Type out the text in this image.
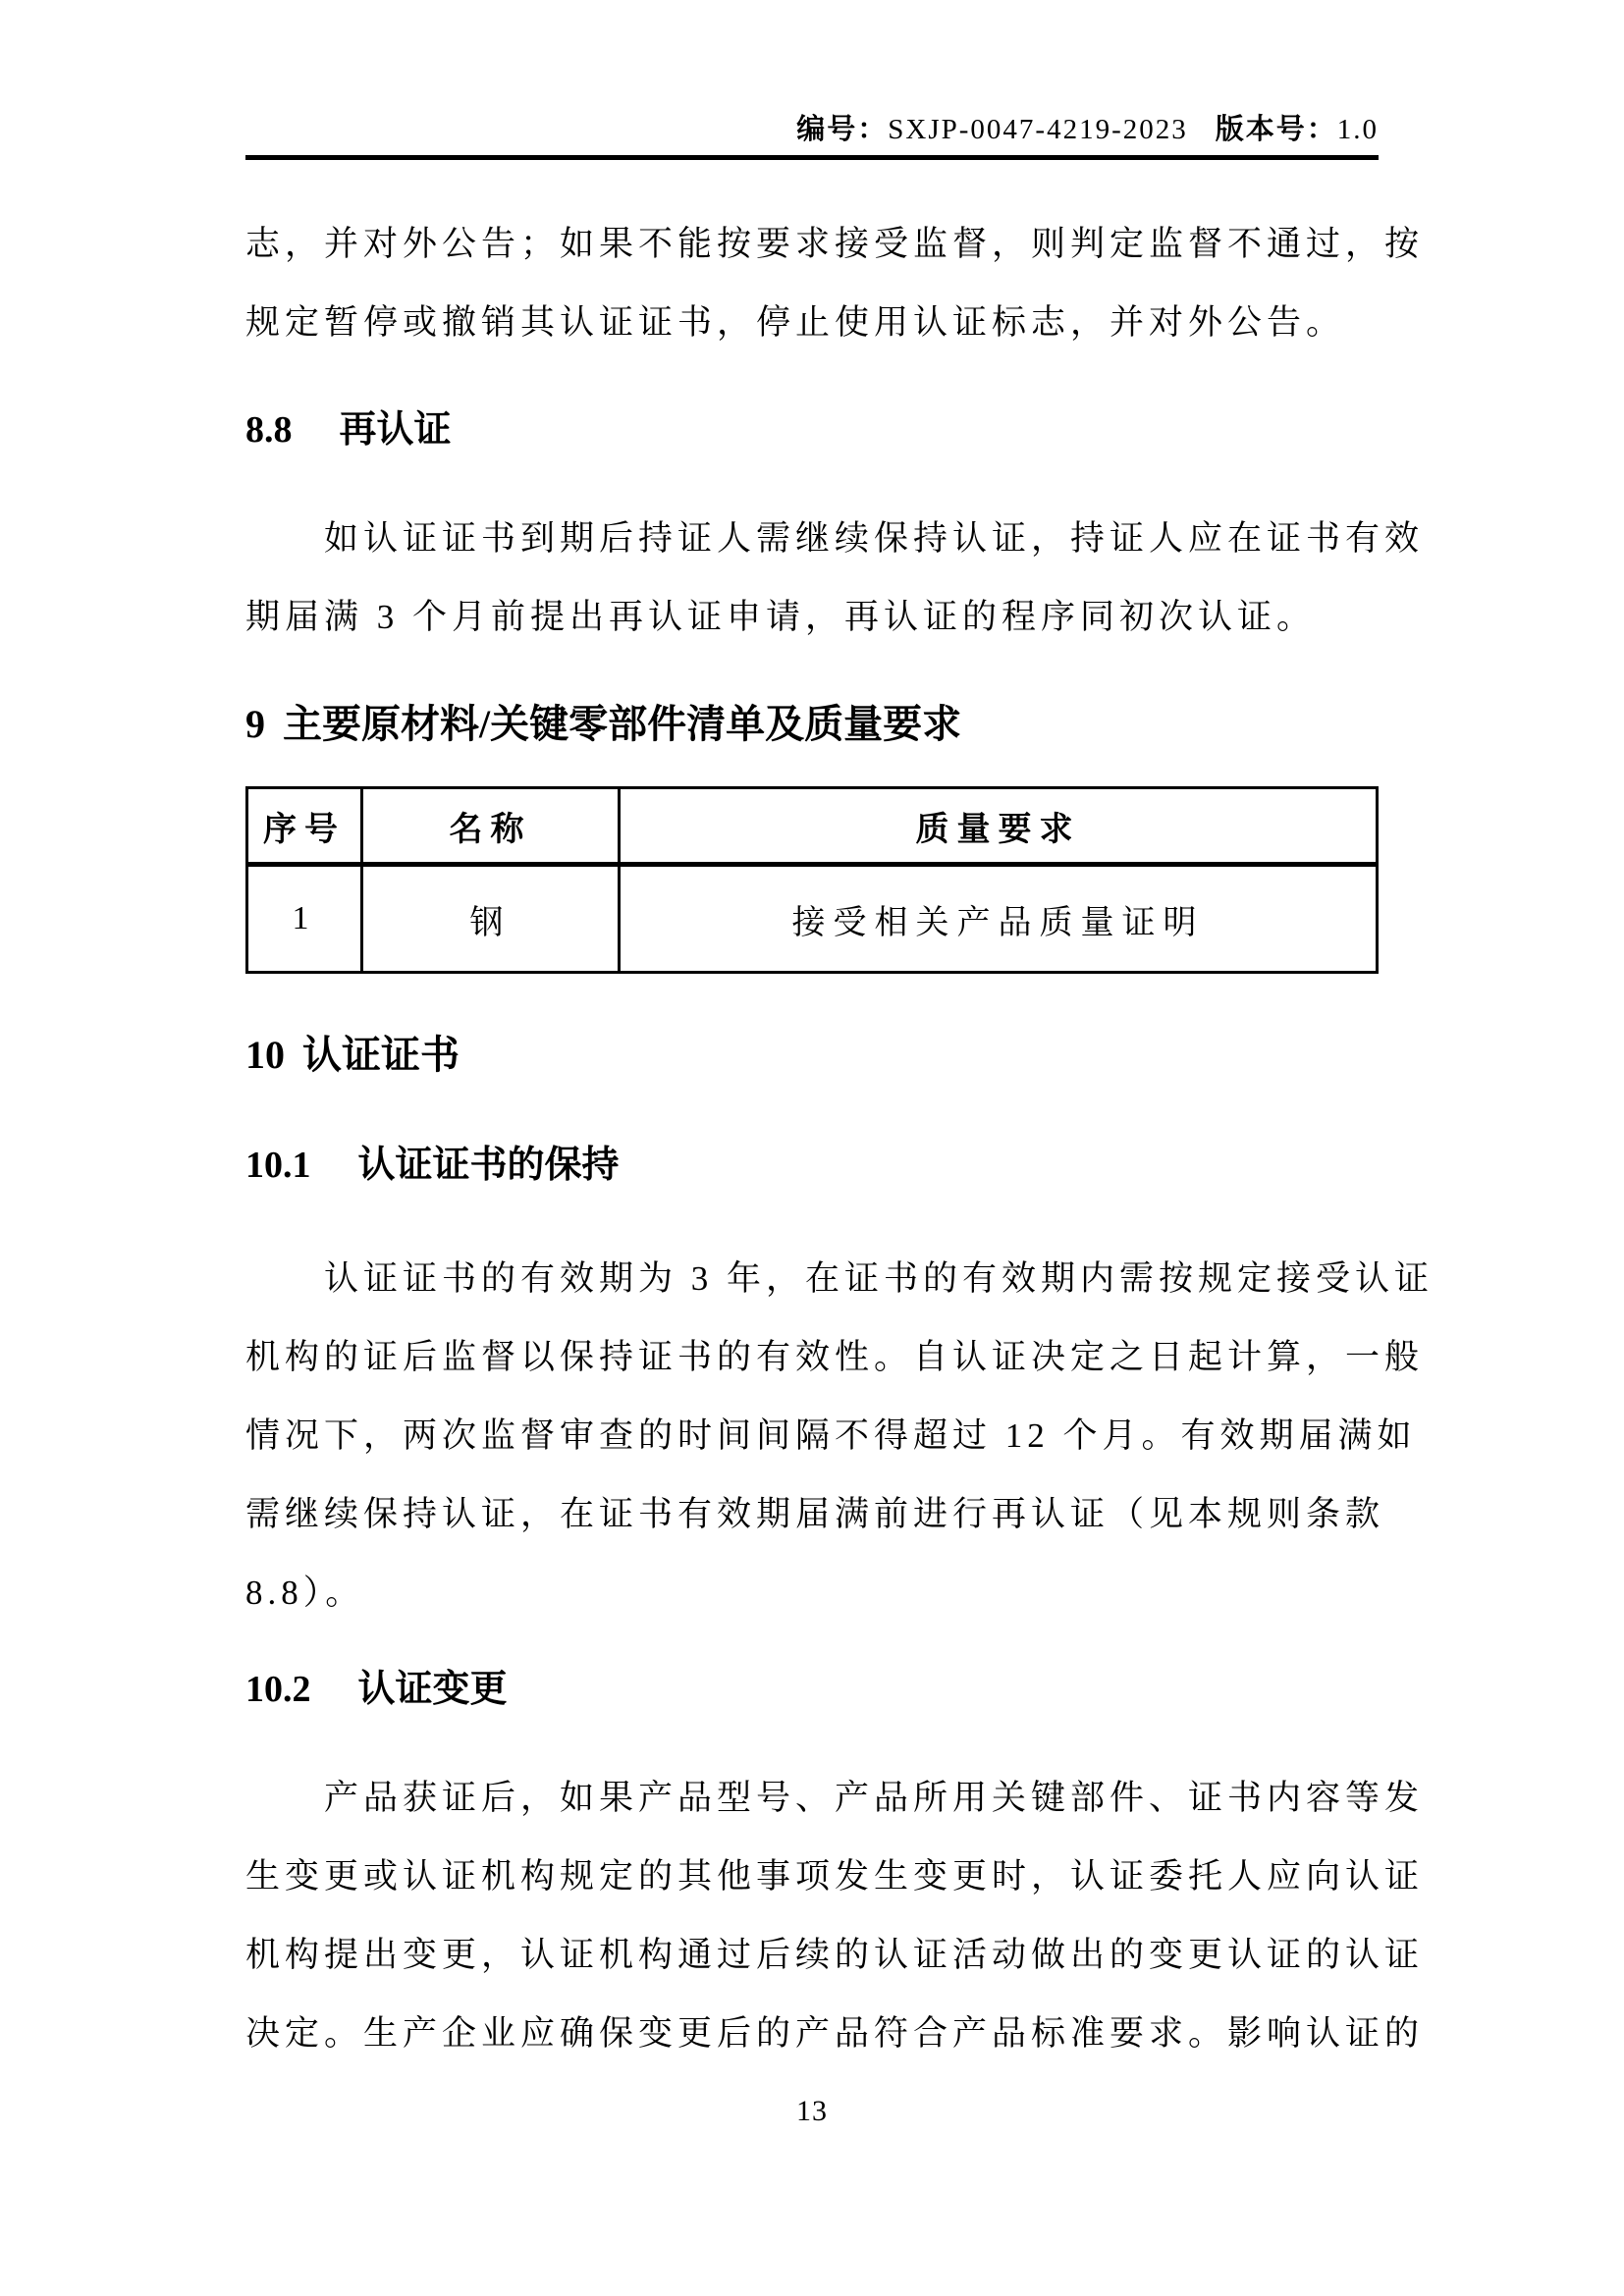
编号：SXJP-0047-4219-2023 版本号：1.0
志，并对外公告；如果不能按要求接受监督，则判定监督不通过，按
规定暂停或撤销其认证证书，停止使用认证标志，并对外公告。
8.8 再认证
如认证证书到期后持证人需继续保持认证，持证人应在证书有效
期届满 3 个月前提出再认证申请，再认证的程序同初次认证。
9 主要原材料/关键零部件清单及质量要求
序号	名称	质量要求
1	钢	接受相关产品质量证明
10 认证证书
10.1 认证证书的保持
认证证书的有效期为 3 年，在证书的有效期内需按规定接受认证
机构的证后监督以保持证书的有效性。自认证决定之日起计算，一般
情况下，两次监督审查的时间间隔不得超过 12 个月。有效期届满如
需继续保持认证，在证书有效期届满前进行再认证（见本规则条款
8.8）。
10.2 认证变更
产品获证后，如果产品型号、产品所用关键部件、证书内容等发
生变更或认证机构规定的其他事项发生变更时，认证委托人应向认证
机构提出变更，认证机构通过后续的认证活动做出的变更认证的认证
决定。生产企业应确保变更后的产品符合产品标准要求。影响认证的
13
